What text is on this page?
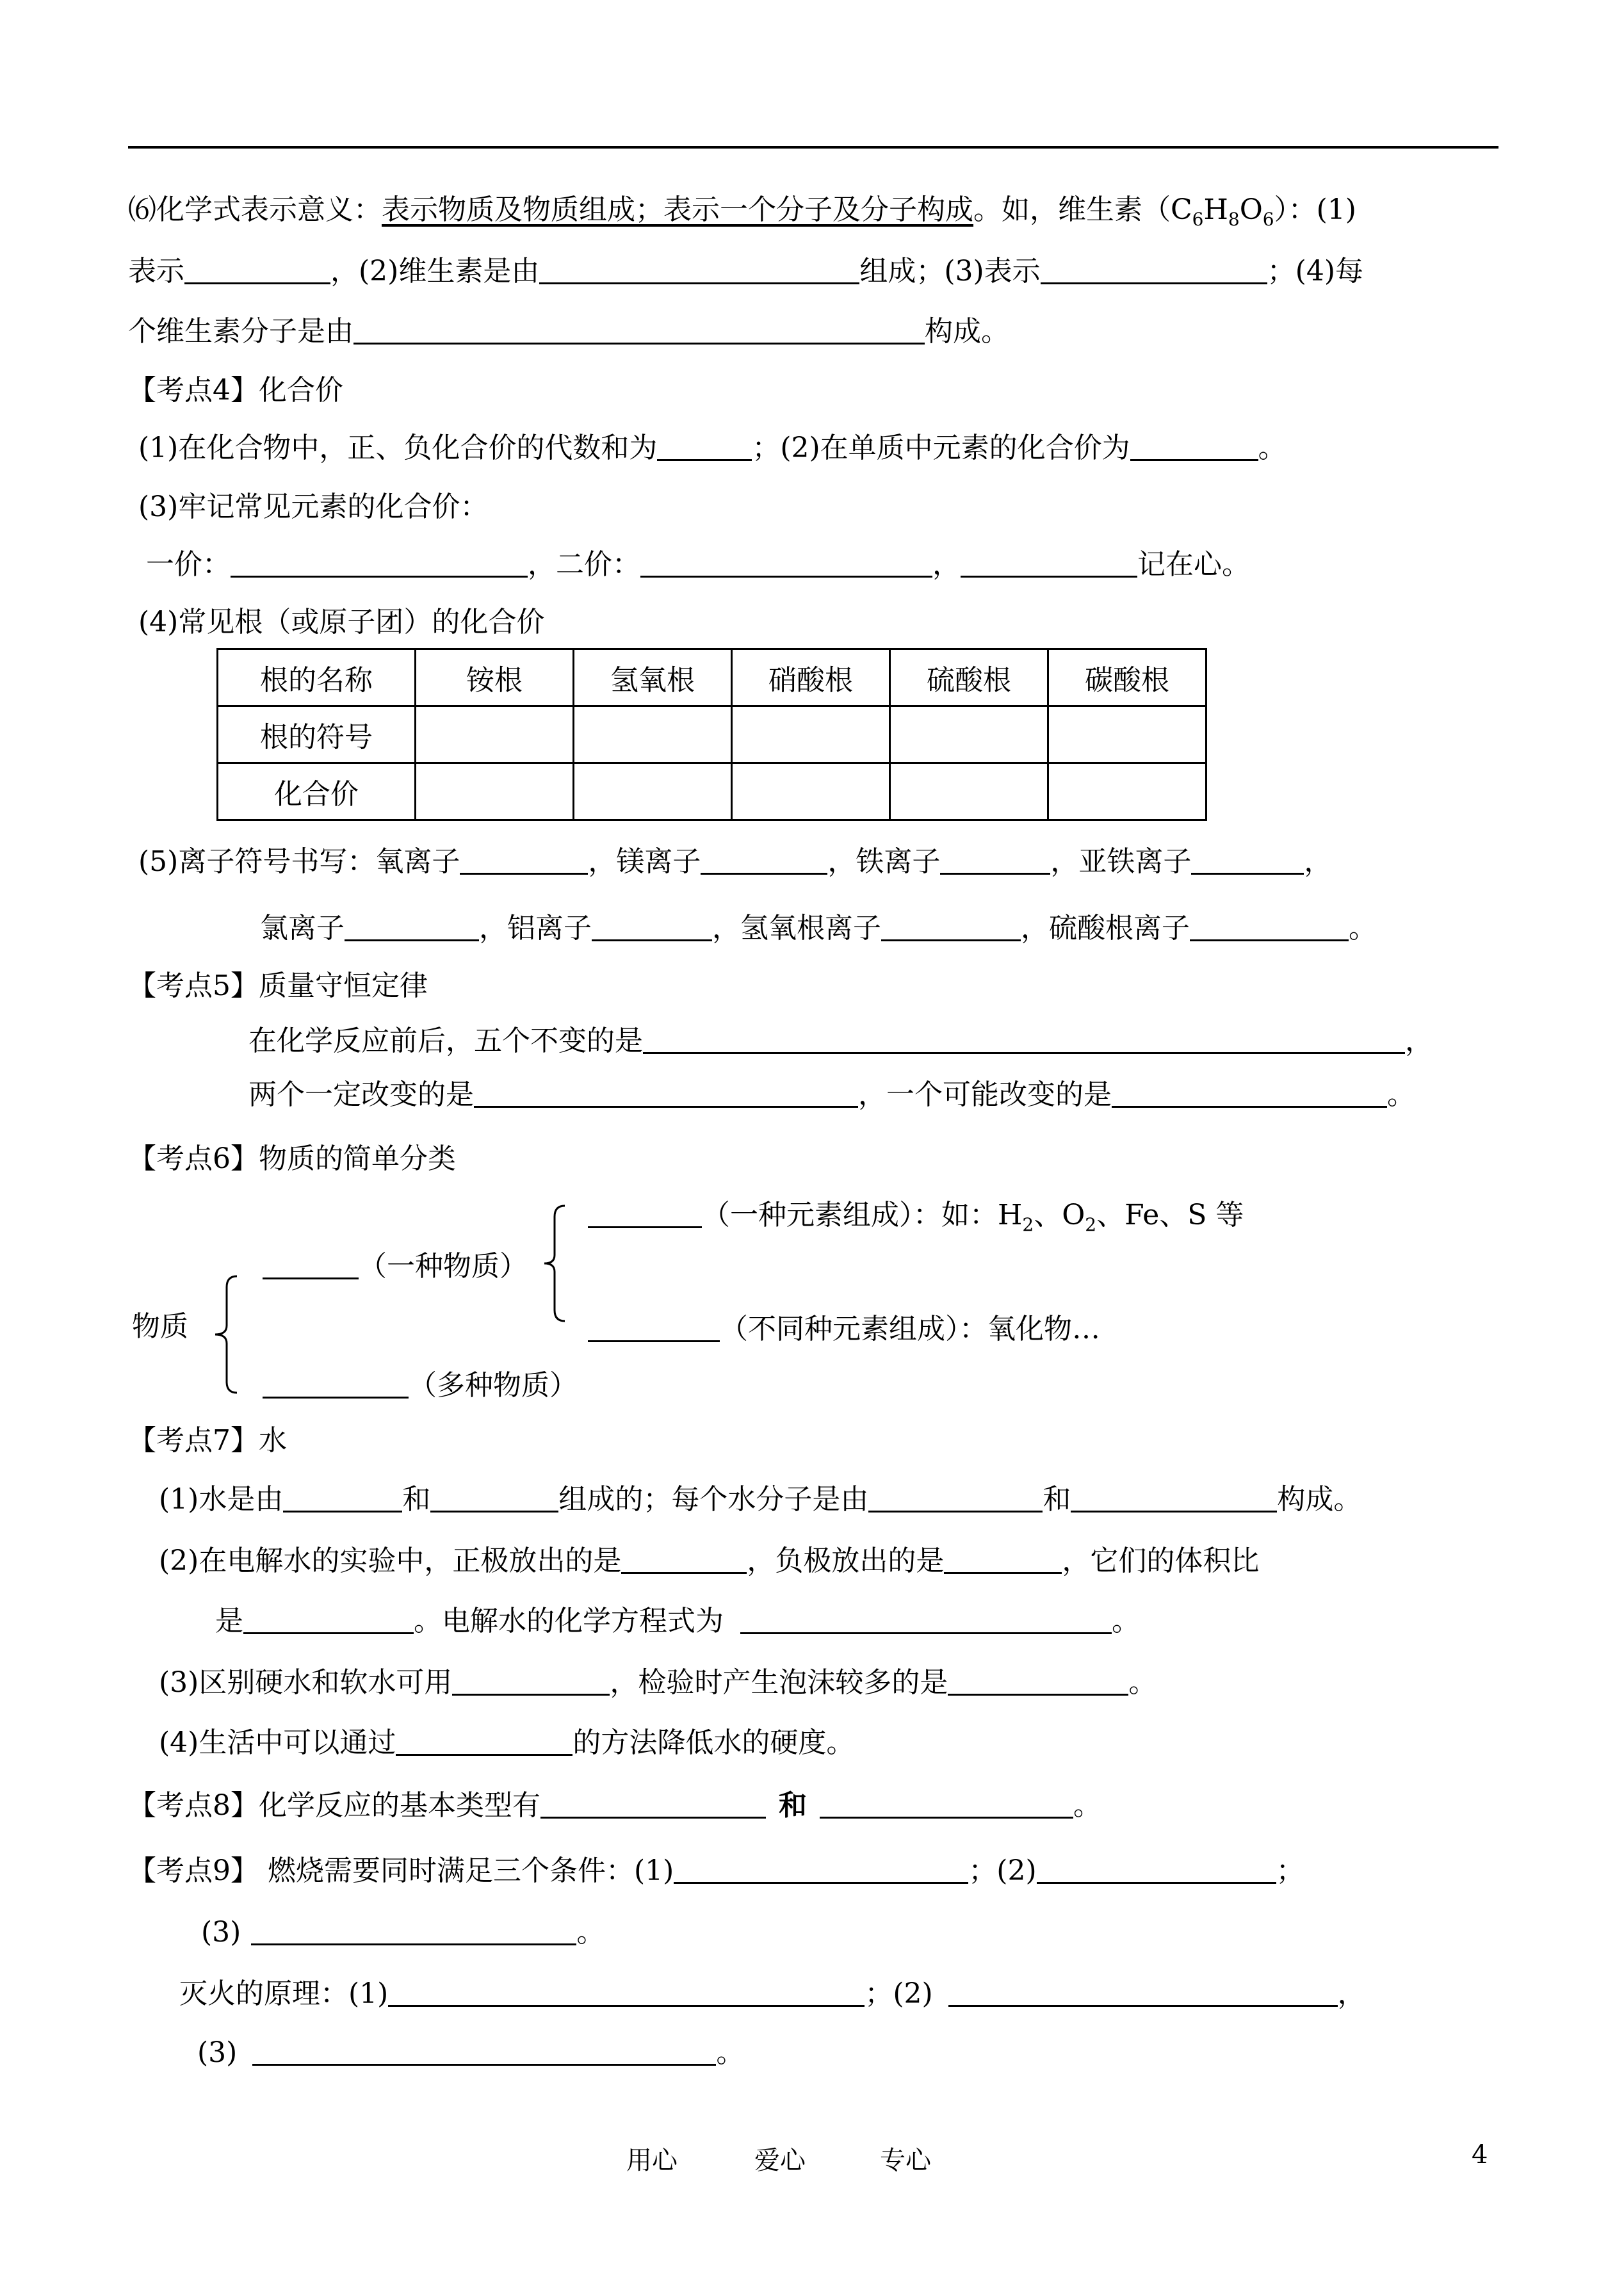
⑹化学式表示意义：表示物质及物质组成；表示一个分子及分子构成。如，维生素$(C_6H_8O_6)$：(1)
表示	，(2)维生素是由	组成；(3)表示	；(4)每
个维生素分子是由	构成。
【考点4】化合价
(1)在化合物中，正、负化合价的代数和为	；(2)在单质中元素的化合价为	。
(3)牢记常见元素的化合价：
一价：	，二价：	，	记在心。
(4)常见根（或原子团）的化合价
根的名称	铵根	氢氧根	硝酸根	硫酸根	碳酸根
根的符号					
化合价					
(5)离子符号书写：氧离子	，镁离子	，铁离子	，亚铁离子	，
氯离子	，铝离子	，氢氧根离子	，硫酸根离子	。
【考点5】质量守恒定律
在化学反应前后，五个不变的是	，
两个一定改变的是	，一个可能改变的是	。
【考点6】物质的简单分类
（一种元素组成）：如：$H_2$、$O_2$、Fe、S 等
（一种物质）
物质	（不同种元素组成）：氧化物…
（多种物质）
【考点7】水
(1)水是由	和	组成的；每个水分子是由	和	构成。
(2)在电解水的实验中，正极放出的是	，负极放出的是	，它们的体积比
是	。电解水的化学方程式为	。
(3)区别硬水和软水可用	，检验时产生泡沫较多的是	。
(4)生活中可以通过	的方法降低水的硬度。
【考点8】化学反应的基本类型有	和	。
【考点9】 燃烧需要同时满足三个条件：(1)	；(2)	；
(3)	。
灭火的原理：(1)	；(2)	，
(3)	。
用心	爱心	专心	4
